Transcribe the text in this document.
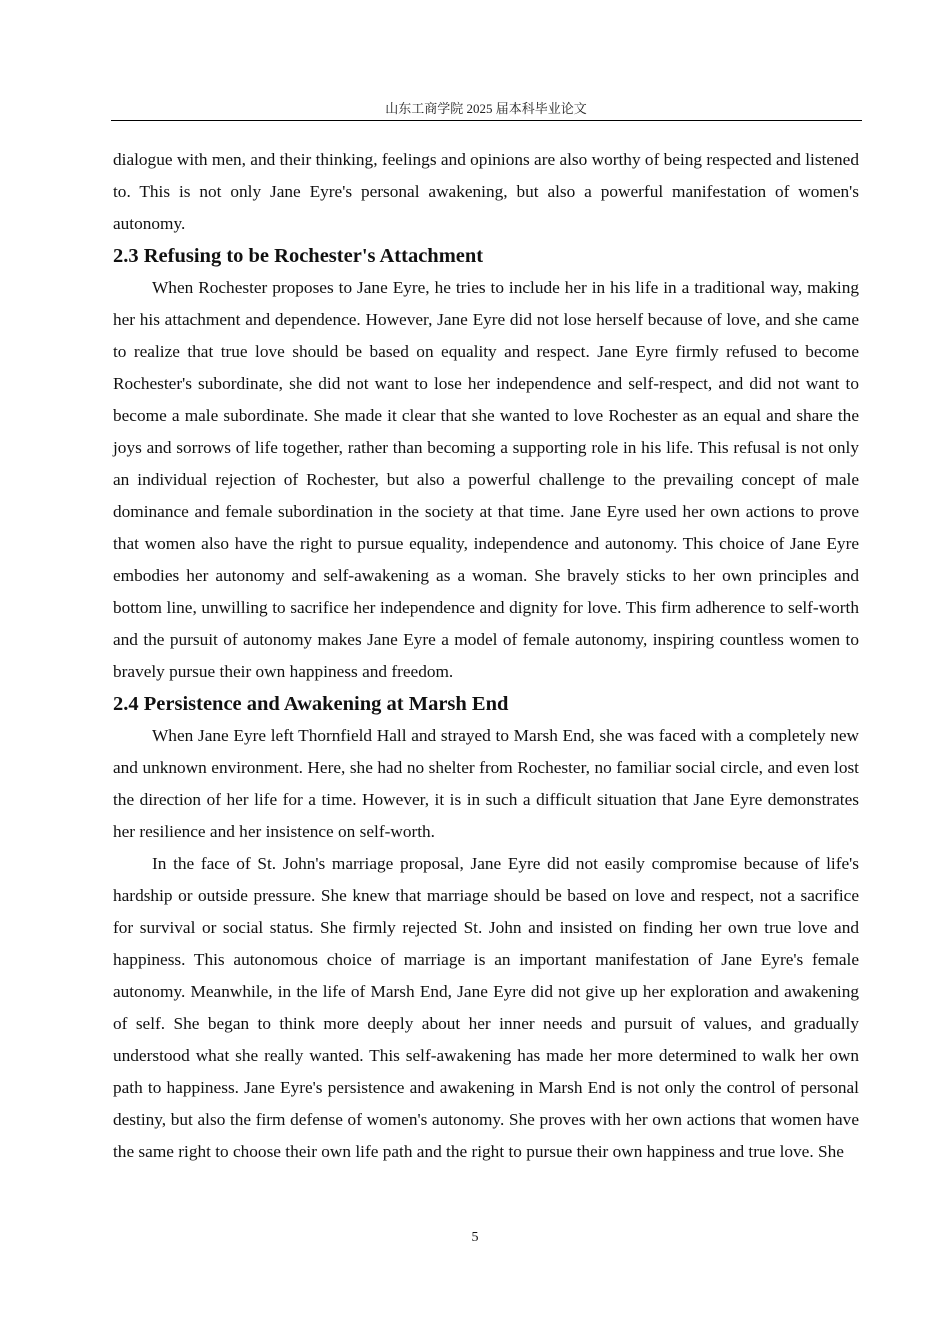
山东工商学院 2025 届本科毕业论文

dialogue with men, and their thinking, feelings and opinions are also worthy of being respected and listened to. This is not only Jane Eyre's personal awakening, but also a powerful manifestation of women's autonomy.

2.3 Refusing to be Rochester's Attachment

When Rochester proposes to Jane Eyre, he tries to include her in his life in a traditional way, making her his attachment and dependence. However, Jane Eyre did not lose herself because of love, and she came to realize that true love should be based on equality and respect. Jane Eyre firmly refused to become Rochester's subordinate, she did not want to lose her independence and self-respect, and did not want to become a male subordinate. She made it clear that she wanted to love Rochester as an equal and share the joys and sorrows of life together, rather than becoming a supporting role in his life. This refusal is not only an individual rejection of Rochester, but also a powerful challenge to the prevailing concept of male dominance and female subordination in the society at that time. Jane Eyre used her own actions to prove that women also have the right to pursue equality, independence and autonomy. This choice of Jane Eyre embodies her autonomy and self-awakening as a woman. She bravely sticks to her own principles and bottom line, unwilling to sacrifice her independence and dignity for love. This firm adherence to self-worth and the pursuit of autonomy makes Jane Eyre a model of female autonomy, inspiring countless women to bravely pursue their own happiness and freedom.

2.4 Persistence and Awakening at Marsh End

When Jane Eyre left Thornfield Hall and strayed to Marsh End, she was faced with a completely new and unknown environment. Here, she had no shelter from Rochester, no familiar social circle, and even lost the direction of her life for a time. However, it is in such a difficult situation that Jane Eyre demonstrates her resilience and her insistence on self-worth.

In the face of St. John's marriage proposal, Jane Eyre did not easily compromise because of life's hardship or outside pressure. She knew that marriage should be based on love and respect, not a sacrifice for survival or social status. She firmly rejected St. John and insisted on finding her own true love and happiness. This autonomous choice of marriage is an important manifestation of Jane Eyre's female autonomy. Meanwhile, in the life of Marsh End, Jane Eyre did not give up her exploration and awakening of self. She began to think more deeply about her inner needs and pursuit of values, and gradually understood what she really wanted. This self-awakening has made her more determined to walk her own path to happiness. Jane Eyre's persistence and awakening in Marsh End is not only the control of personal destiny, but also the firm defense of women's autonomy. She proves with her own actions that women have the same right to choose their own life path and the right to pursue their own happiness and true love. She

5
